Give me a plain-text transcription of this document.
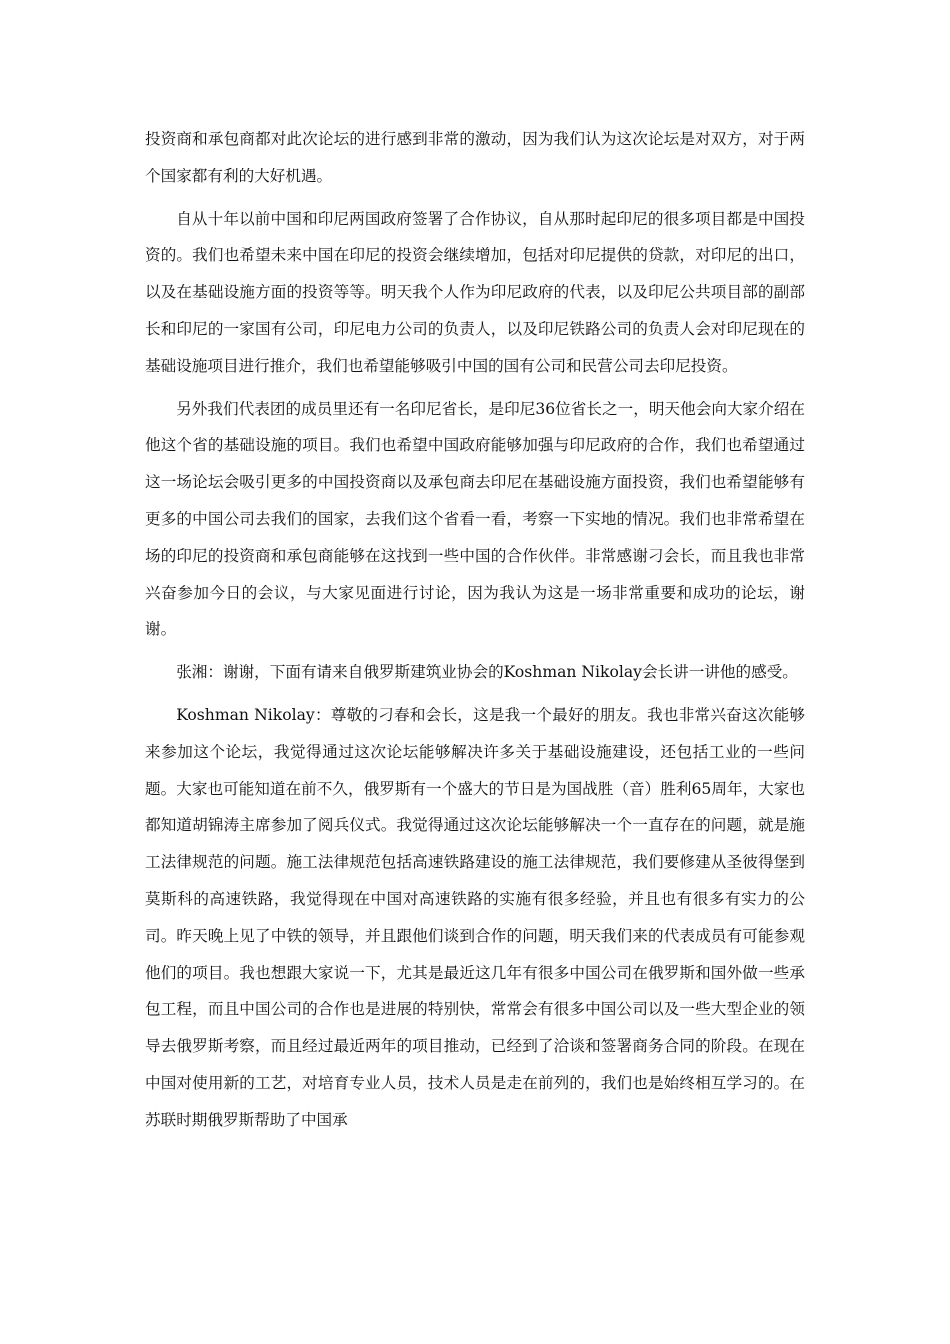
投资商和承包商都对此次论坛的进行感到非常的激动，因为我们认为这次论坛是对双方，对于两个国家都有利的大好机遇。

自从十年以前中国和印尼两国政府签署了合作协议，自从那时起印尼的很多项目都是中国投资的。我们也希望未来中国在印尼的投资会继续增加，包括对印尼提供的贷款，对印尼的出口，以及在基础设施方面的投资等等。明天我个人作为印尼政府的代表，以及印尼公共项目部的副部长和印尼的一家国有公司，印尼电力公司的负责人，以及印尼铁路公司的负责人会对印尼现在的基础设施项目进行推介，我们也希望能够吸引中国的国有公司和民营公司去印尼投资。

另外我们代表团的成员里还有一名印尼省长，是印尼36位省长之一，明天他会向大家介绍在他这个省的基础设施的项目。我们也希望中国政府能够加强与印尼政府的合作，我们也希望通过这一场论坛会吸引更多的中国投资商以及承包商去印尼在基础设施方面投资，我们也希望能够有更多的中国公司去我们的国家，去我们这个省看一看，考察一下实地的情况。我们也非常希望在场的印尼的投资商和承包商能够在这找到一些中国的合作伙伴。非常感谢刁会长，而且我也非常兴奋参加今日的会议，与大家见面进行讨论，因为我认为这是一场非常重要和成功的论坛，谢谢。

张湘：谢谢，下面有请来自俄罗斯建筑业协会的Koshman Nikolay会长讲一讲他的感受。

Koshman Nikolay：尊敬的刁春和会长，这是我一个最好的朋友。我也非常兴奋这次能够来参加这个论坛，我觉得通过这次论坛能够解决许多关于基础设施建设，还包括工业的一些问题。大家也可能知道在前不久，俄罗斯有一个盛大的节日是为国战胜（音）胜利65周年，大家也都知道胡锦涛主席参加了阅兵仪式。我觉得通过这次论坛能够解决一个一直存在的问题，就是施工法律规范的问题。施工法律规范包括高速铁路建设的施工法律规范，我们要修建从圣彼得堡到莫斯科的高速铁路，我觉得现在中国对高速铁路的实施有很多经验，并且也有很多有实力的公司。昨天晚上见了中铁的领导，并且跟他们谈到合作的问题，明天我们来的代表成员有可能参观他们的项目。我也想跟大家说一下，尤其是最近这几年有很多中国公司在俄罗斯和国外做一些承包工程，而且中国公司的合作也是进展的特别快，常常会有很多中国公司以及一些大型企业的领导去俄罗斯考察，而且经过最近两年的项目推动，已经到了洽谈和签署商务合同的阶段。在现在中国对使用新的工艺，对培育专业人员，技术人员是走在前列的，我们也是始终相互学习的。在苏联时期俄罗斯帮助了中国承
